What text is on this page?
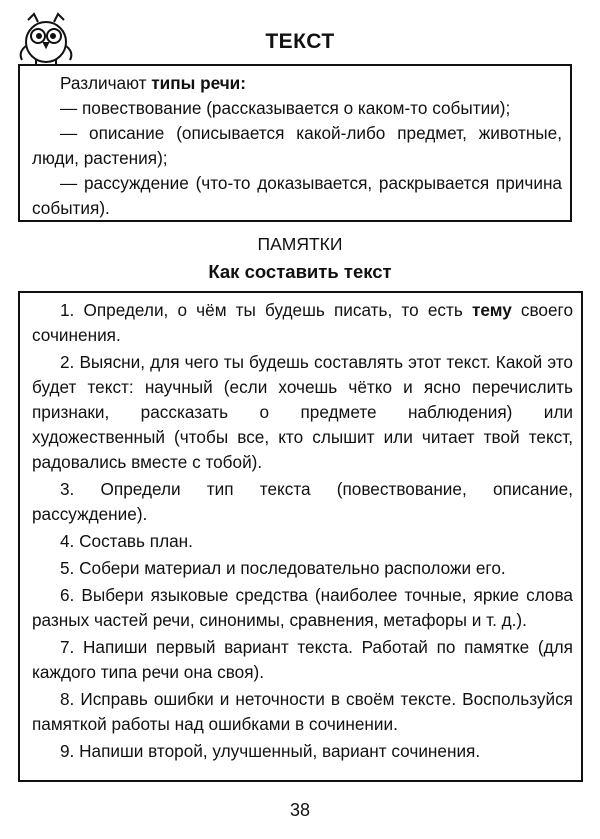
ТЕКСТ

Различают типы речи:

— повествование (рассказывается о каком-то событии);

— описание (описывается какой-либо предмет, животные, люди, растения);

— рассуждение (что-то доказывается, раскрывается причина события).

ПАМЯТКИ
Как составить текст

1. Определи, о чём ты будешь писать, то есть тему своего сочинения.

2. Выясни, для чего ты будешь составлять этот текст. Какой это будет текст: научный (если хочешь чётко и ясно перечислить признаки, рассказать о предмете наблюдения) или художественный (чтобы все, кто слышит или читает твой текст, радовались вместе с тобой).

3. Определи тип текста (повествование, описание, рассуждение).

4. Составь план.

5. Собери материал и последовательно расположи его.

6. Выбери языковые средства (наиболее точные, яркие слова разных частей речи, синонимы, сравнения, метафоры и т. д.).

7. Напиши первый вариант текста. Работай по памятке (для каждого типа речи она своя).

8. Исправь ошибки и неточности в своём тексте. Воспользуйся памяткой работы над ошибками в сочинении.

9. Напиши второй, улучшенный, вариант сочинения.

38
